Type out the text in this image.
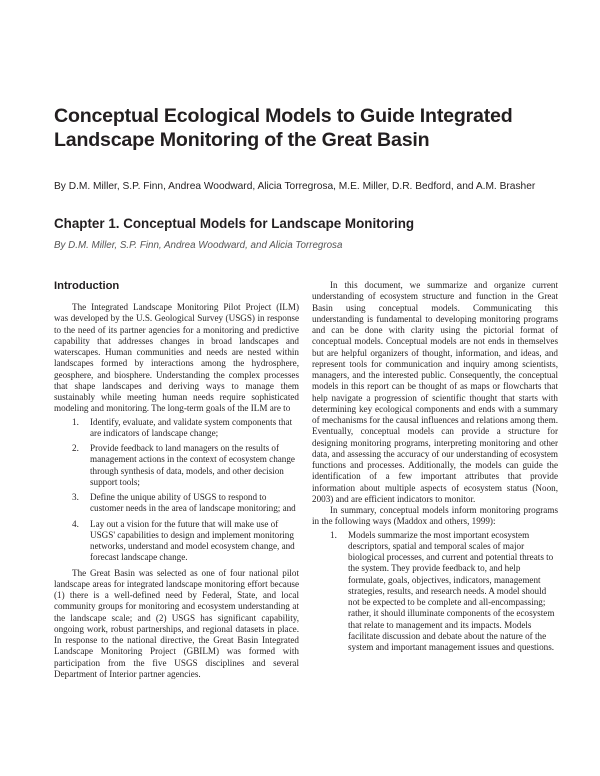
Conceptual Ecological Models to Guide Integrated
Landscape Monitoring of the Great Basin
By D.M. Miller, S.P. Finn, Andrea Woodward, Alicia Torregrosa, M.E. Miller, D.R. Bedford, and A.M. Brasher
Chapter 1. Conceptual Models for Landscape Monitoring
By D.M. Miller, S.P. Finn, Andrea Woodward, and Alicia Torregrosa
Introduction

The Integrated Landscape Monitoring Pilot Project (ILM) was developed by the U.S. Geological Survey (USGS) in response to the need of its partner agencies for a monitoring and predictive capability that addresses changes in broad landscapes and waterscapes. Human communities and needs are nested within landscapes formed by interactions among the hydrosphere, geosphere, and biosphere. Understanding the complex processes that shape landscapes and deriving ways to manage them sustainably while meeting human needs require sophisticated modeling and monitoring. The long-term goals of the ILM are to

1. Identify, evaluate, and validate system components that are indicators of landscape change;
2. Provide feedback to land managers on the results of management actions in the context of ecosystem change through synthesis of data, models, and other decision support tools;
3. Define the unique ability of USGS to respond to customer needs in the area of landscape monitoring; and
4. Lay out a vision for the future that will make use of USGS' capabilities to design and implement monitoring networks, understand and model ecosystem change, and forecast landscape change.

The Great Basin was selected as one of four national pilot landscape areas for integrated landscape monitoring effort because (1) there is a well-defined need by Federal, State, and local community groups for monitoring and ecosystem understanding at the landscape scale; and (2) USGS has significant capability, ongoing work, robust partnerships, and regional datasets in place. In response to the national directive, the Great Basin Integrated Landscape Monitoring Project (GBILM) was formed with participation from the five USGS disciplines and several Department of Interior partner agencies.

In this document, we summarize and organize current understanding of ecosystem structure and function in the Great Basin using conceptual models. Communicating this understanding is fundamental to developing monitoring programs and can be done with clarity using the pictorial format of conceptual models. Conceptual models are not ends in themselves but are helpful organizers of thought, information, and ideas, and represent tools for communication and inquiry among scientists, managers, and the interested public. Consequently, the conceptual models in this report can be thought of as maps or flowcharts that help navigate a progression of scientific thought that starts with determining key ecological components and ends with a summary of mechanisms for the causal influences and relations among them. Eventually, conceptual models can provide a structure for designing monitoring programs, interpreting monitoring and other data, and assessing the accuracy of our understanding of ecosystem functions and processes. Additionally, the models can guide the identification of a few important attributes that provide information about multiple aspects of ecosystem status (Noon, 2003) and are efficient indicators to monitor.

In summary, conceptual models inform monitoring programs in the following ways (Maddox and others, 1999):

1. Models summarize the most important ecosystem descriptors, spatial and temporal scales of major biological processes, and current and potential threats to the system. They provide feedback to, and help formulate, goals, objectives, indicators, management strategies, results, and research needs. A model should not be expected to be complete and all-encompassing; rather, it should illuminate components of the ecosystem that relate to management and its impacts. Models facilitate discussion and debate about the nature of the system and important management issues and questions.
